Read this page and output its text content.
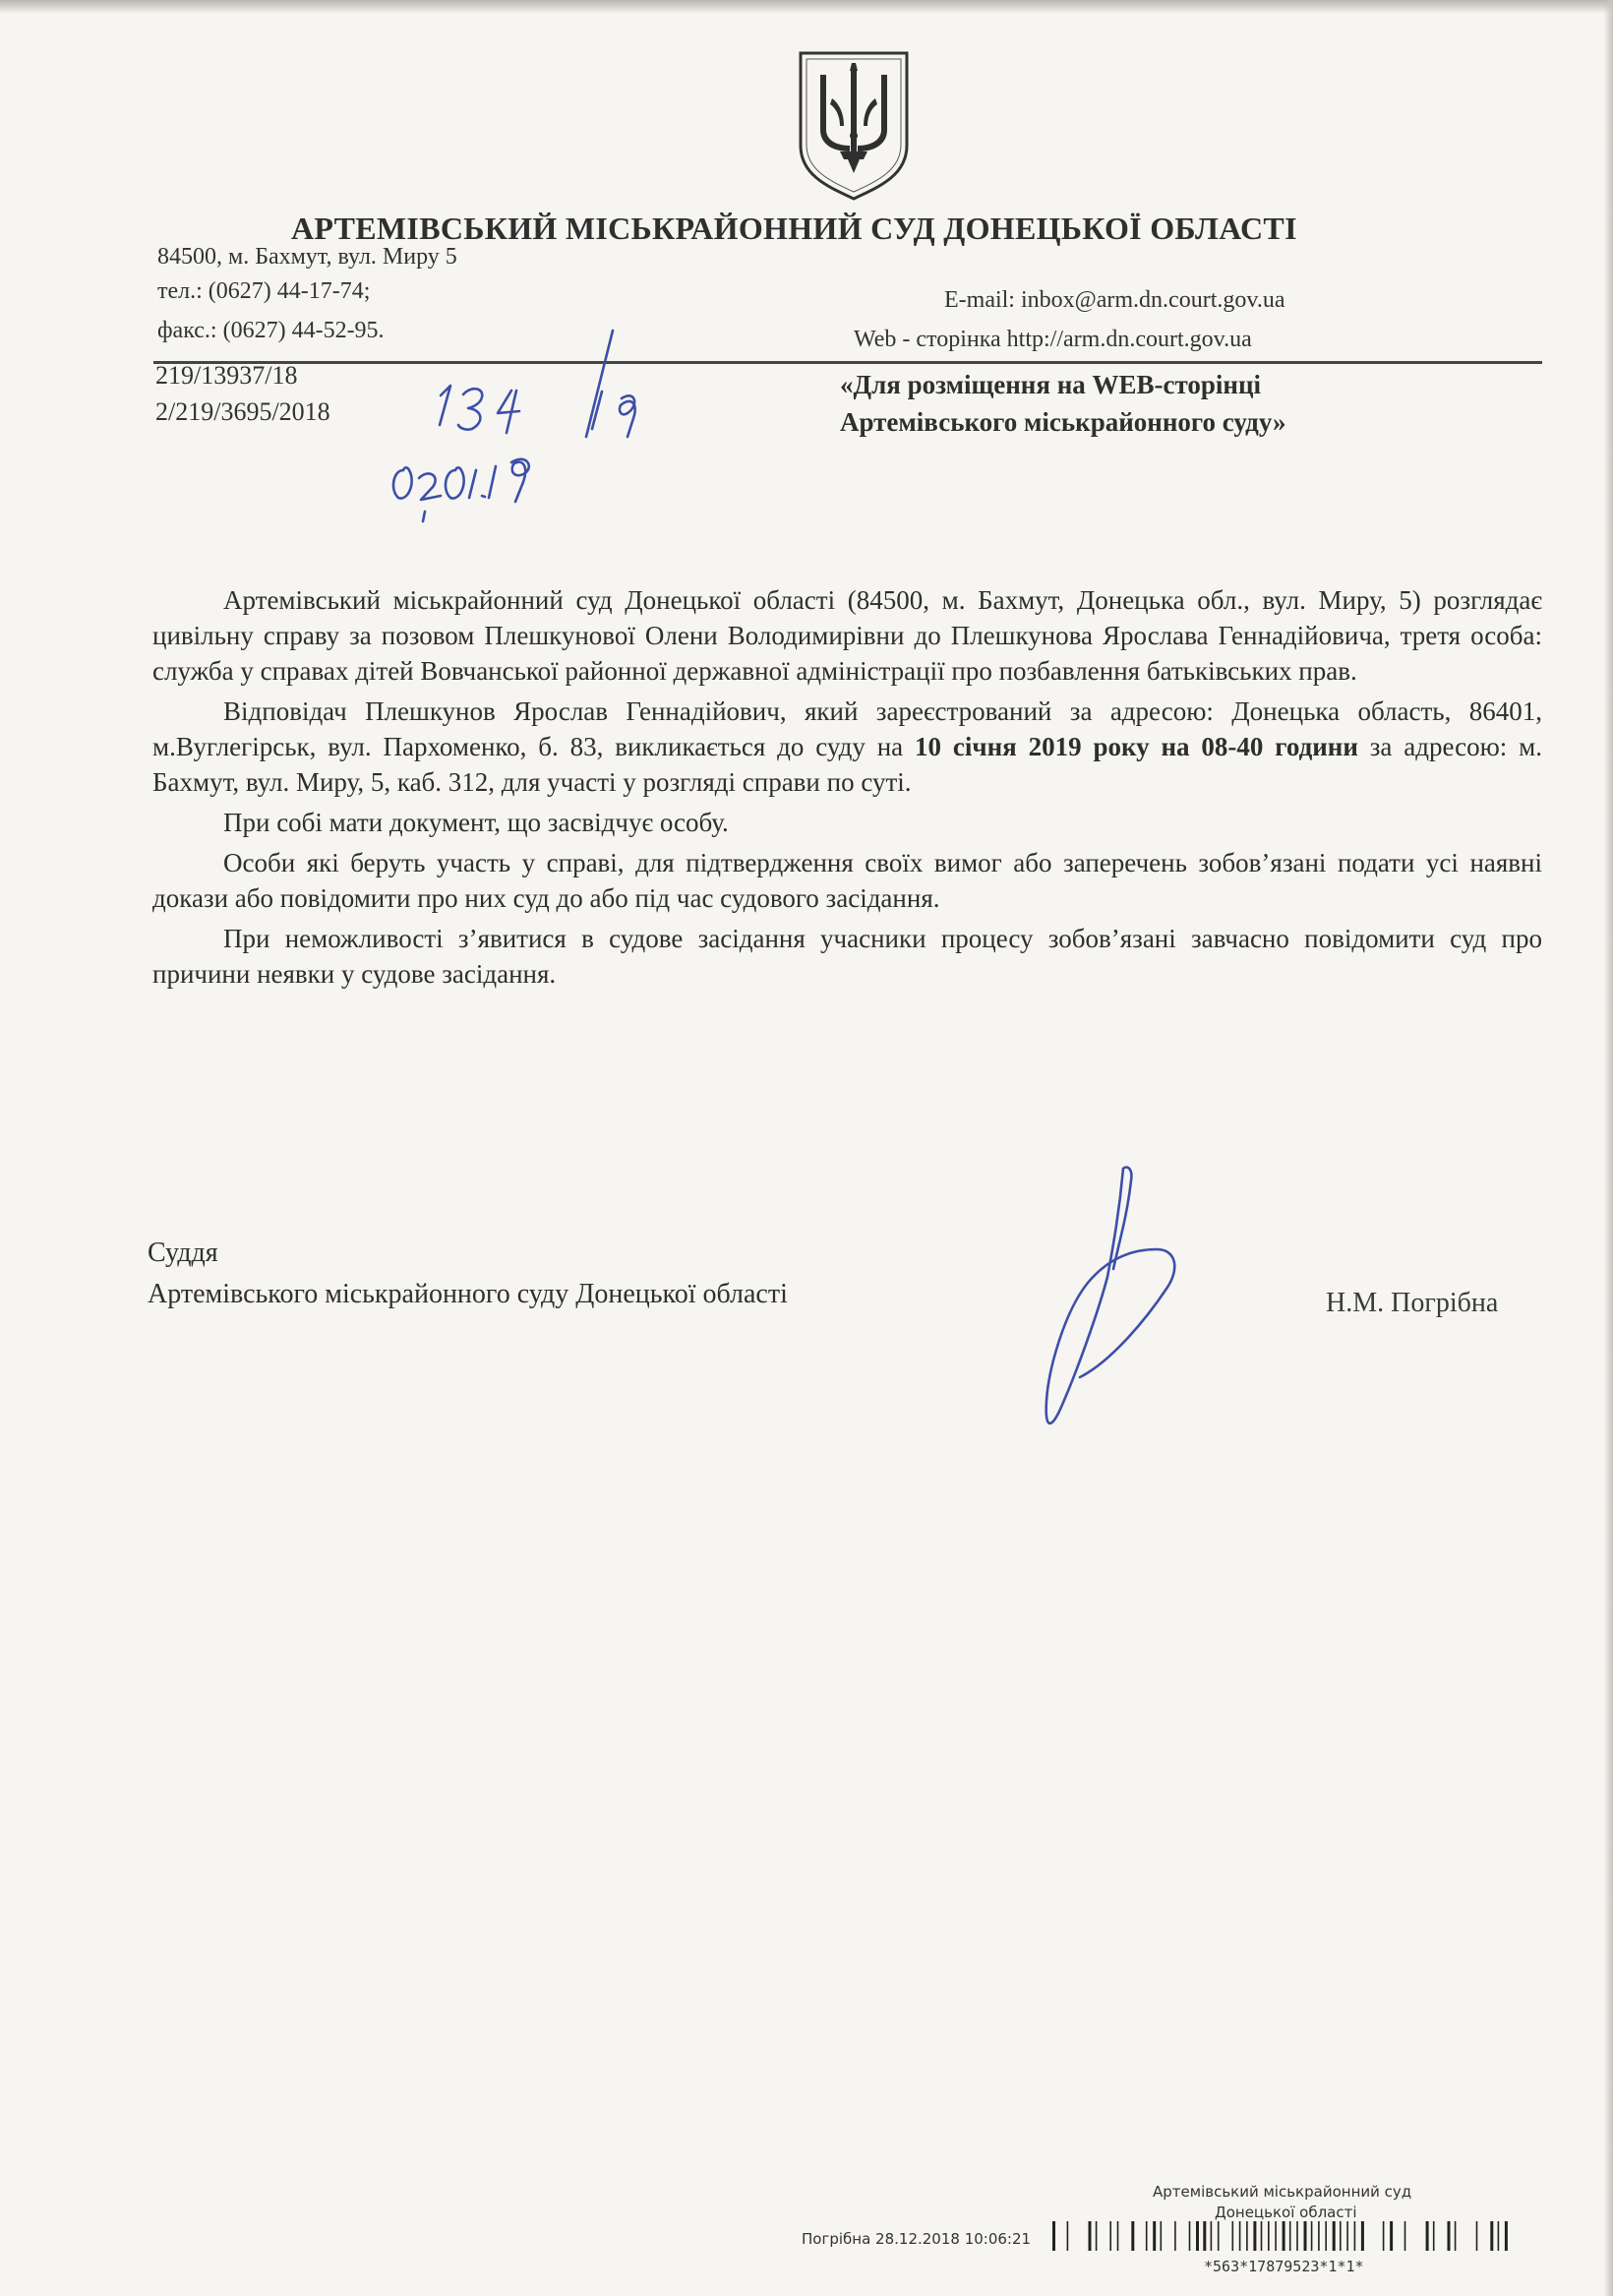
АРТЕМІВСЬКИЙ МІСЬКРАЙОННИЙ СУД ДОНЕЦЬКОЇ ОБЛАСТІ
84500, м. Бахмут, вул. Миру 5
тел.: (0627) 44-17-74;
факс.: (0627) 44-52-95.
E-mail: inbox@arm.dn.court.gov.ua
Web - сторінка http://arm.dn.court.gov.ua
219/13937/18
2/219/3695/2018
«Для розміщення на WEB-сторінці
Артемівського міськрайонного суду»

Артемівський міськрайонний суд Донецької області (84500, м. Бахмут, Донецька обл., вул. Миру, 5) розглядає цивільну справу за позовом Плешкунової Олени Володимирівни до Плешкунова Ярослава Геннадійовича, третя особа: служба у справах дітей Вовчанської районної державної адміністрації про позбавлення батьківських прав.

Відповідач Плешкунов Ярослав Геннадійович, який зареєстрований за адресою: Донецька область, 86401, м.Вуглегірськ, вул. Пархоменко, б. 83, викликається до суду на 10 січня 2019 року на 08-40 години за адресою: м. Бахмут, вул. Миру, 5, каб. 312, для участі у розгляді справи по суті.

При собі мати документ, що засвідчує особу.

Особи які беруть участь у справі, для підтвердження своїх вимог або заперечень зобов’язані подати усі наявні докази або повідомити про них суд до або під час судового засідання.

При неможливості з’явитися в судове засідання учасники процесу зобов’язані завчасно повідомити суд про причини неявки у судове засідання.

Суддя
Артемівського міськрайонного суду Донецької області	Н.М. Погрібна
Артемівський міськрайонний суд
Донецької області
Погрібна 28.12.2018 10:06:21
*563*17879523*1*1*
